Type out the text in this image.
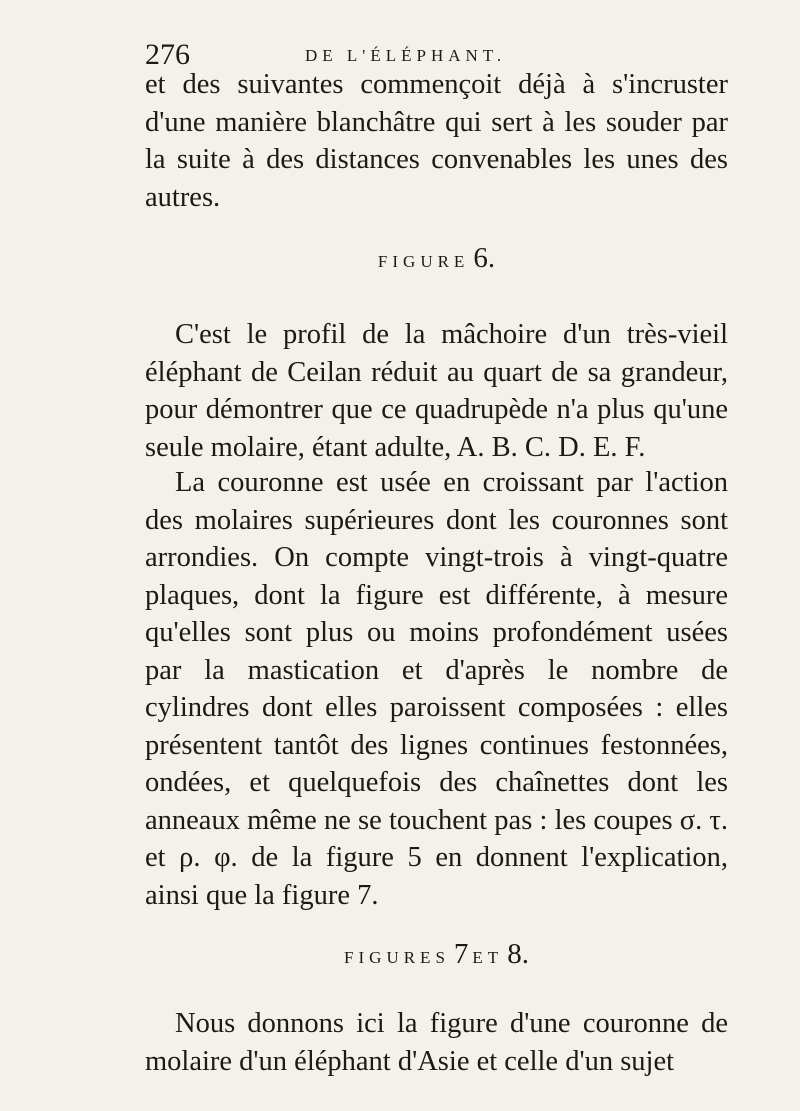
276	DE L'ÉLÉPHANT.
et des suivantes commençoit déjà à s'incruster d'une manière blanchâtre qui sert à les souder par la suite à des distances convenables les unes des autres.
FIGURE 6.
C'est le profil de la mâchoire d'un très-vieil éléphant de Ceilan réduit au quart de sa grandeur, pour démontrer que ce quadrupède n'a plus qu'une seule molaire, étant adulte, A. B. C. D. E. F.
La couronne est usée en croissant par l'action des molaires supérieures dont les couronnes sont arrondies. On compte vingt-trois à vingt-quatre plaques, dont la figure est différente, à mesure qu'elles sont plus ou moins profondément usées par la mastication et d'après le nombre de cylindres dont elles paroissent composées : elles présentent tantôt des lignes continues festonnées, ondées, et quelquefois des chaînettes dont les anneaux même ne se touchent pas : les coupes σ. τ. et ρ. φ. de la figure 5 en donnent l'explication, ainsi que la figure 7.
FIGURES 7 ET 8.
Nous donnons ici la figure d'une couronne de molaire d'un éléphant d'Asie et celle d'un sujet
